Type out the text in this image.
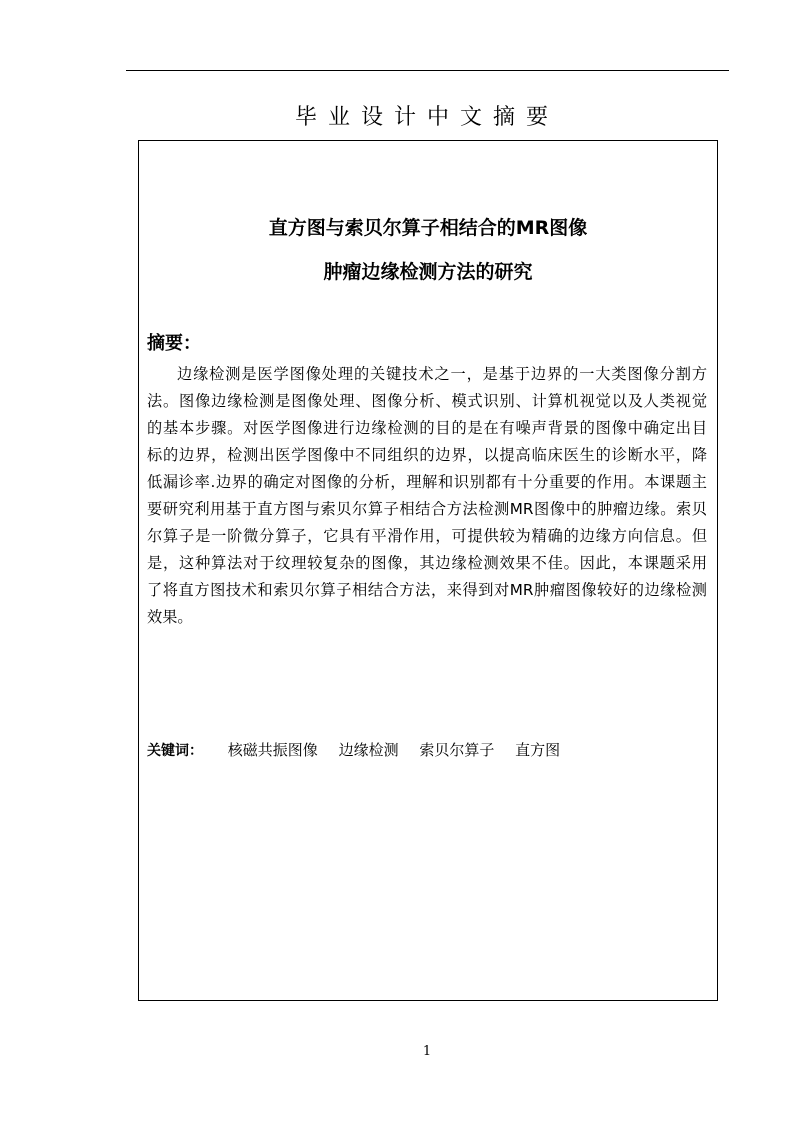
毕业设计中文摘要
直方图与索贝尔算子相结合的MR图像
肿瘤边缘检测方法的研究
摘要：
边缘检测是医学图像处理的关键技术之一，是基于边界的一大类图像分割方
法。图像边缘检测是图像处理、图像分析、模式识别、计算机视觉以及人类视觉
的基本步骤。对医学图像进行边缘检测的目的是在有噪声背景的图像中确定出目
标的边界，检测出医学图像中不同组织的边界，以提高临床医生的诊断水平，降
低漏诊率.边界的确定对图像的分析，理解和识别都有十分重要的作用。本课题主
要研究利用基于直方图与索贝尔算子相结合方法检测MR图像中的肿瘤边缘。索贝
尔算子是一阶微分算子，它具有平滑作用，可提供较为精确的边缘方向信息。但
是，这种算法对于纹理较复杂的图像，其边缘检测效果不佳。因此，本课题采用
了将直方图技术和索贝尔算子相结合方法，来得到对MR肿瘤图像较好的边缘检测
效果。
关键词： 核磁共振图像 边缘检测 索贝尔算子 直方图
1
